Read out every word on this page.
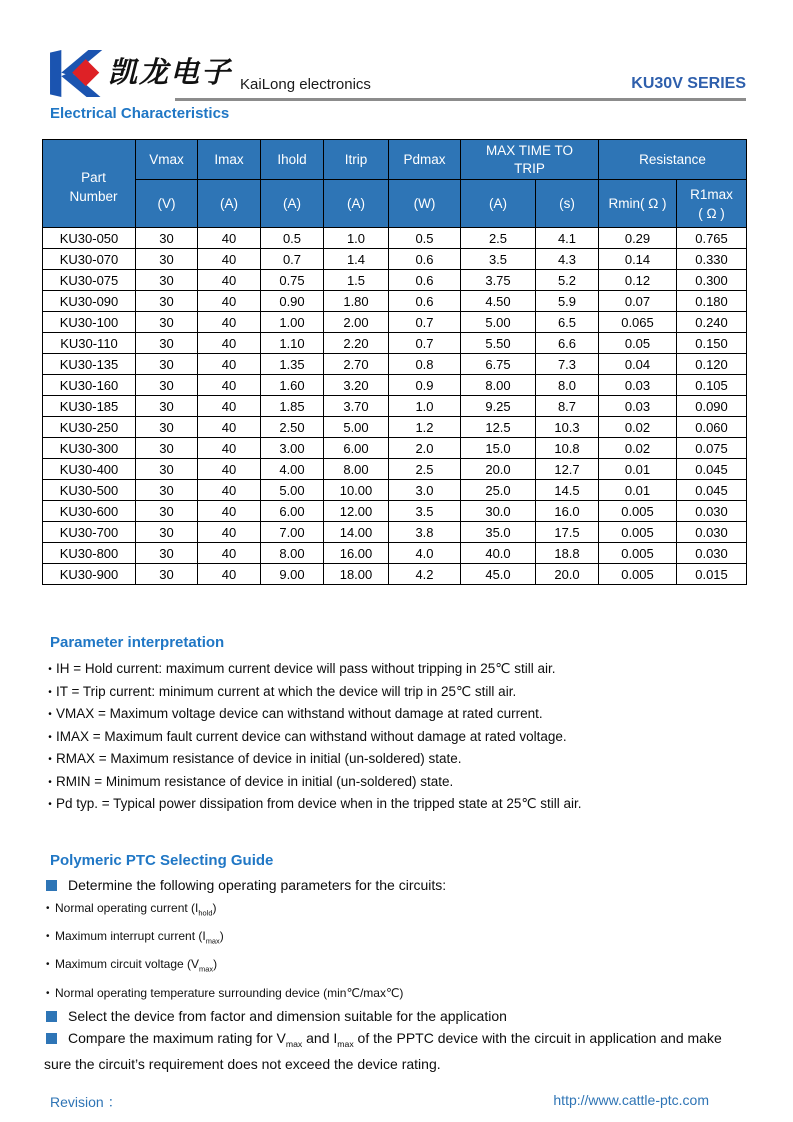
凯龙电子 KaiLong electronics	KU30V SERIES
Electrical Characteristics
Part
Number	Vmax	Imax	Ihold	Itrip	Pdmax	MAX TIME TO TRIP		Resistance	
	(V)	(A)	(A)	(A)	(W)	(A)	(s)	Rmin( Ω )	R1max
( Ω )

KU30-050	30	40	0.5	1.0	0.5	2.5	4.1	0.29	0.765
KU30-070	30	40	0.7	1.4	0.6	3.5	4.3	0.14	0.330
KU30-075	30	40	0.75	1.5	0.6	3.75	5.2	0.12	0.300
KU30-090	30	40	0.90	1.80	0.6	4.50	5.9	0.07	0.180
KU30-100	30	40	1.00	2.00	0.7	5.00	6.5	0.065	0.240
KU30-110	30	40	1.10	2.20	0.7	5.50	6.6	0.05	0.150
KU30-135	30	40	1.35	2.70	0.8	6.75	7.3	0.04	0.120
KU30-160	30	40	1.60	3.20	0.9	8.00	8.0	0.03	0.105
KU30-185	30	40	1.85	3.70	1.0	9.25	8.7	0.03	0.090
KU30-250	30	40	2.50	5.00	1.2	12.5	10.3	0.02	0.060
KU30-300	30	40	3.00	6.00	2.0	15.0	10.8	0.02	0.075
KU30-400	30	40	4.00	8.00	2.5	20.0	12.7	0.01	0.045
KU30-500	30	40	5.00	10.00	3.0	25.0	14.5	0.01	0.045
KU30-600	30	40	6.00	12.00	3.5	30.0	16.0	0.005	0.030
KU30-700	30	40	7.00	14.00	3.8	35.0	17.5	0.005	0.030
KU30-800	30	40	8.00	16.00	4.0	40.0	18.8	0.005	0.030
KU30-900	30	40	9.00	18.00	4.2	45.0	20.0	0.005	0.015
Parameter interpretation
• IH = Hold current: maximum current device will pass without tripping in 25℃ still air.
• IT = Trip current: minimum current at which the device will trip in 25℃ still air.
• VMAX = Maximum voltage device can withstand without damage at rated current.
• IMAX = Maximum fault current device can withstand without damage at rated voltage.
• RMAX = Maximum resistance of device in initial (un-soldered) state.
• RMIN = Minimum resistance of device in initial (un-soldered) state.
• Pd typ. = Typical power dissipation from device when in the tripped state at 25℃ still air.
Polymeric PTC Selecting Guide
Determine the following operating parameters for the circuits:
• Normal operating current $(I_{hold})$
• Maximum interrupt current $(I_{max})$
• Maximum circuit voltage $(V_{max})$
• Normal operating temperature surrounding device (min℃/max℃)
Select the device from factor and dimension suitable for the application
Compare the maximum rating for $V_{max}$ and $I_{max}$ of the PPTC device with the circuit in application and make sure the circuit’s requirement does not exceed the device rating.
Revision ：	http://www.cattle-ptc.com
